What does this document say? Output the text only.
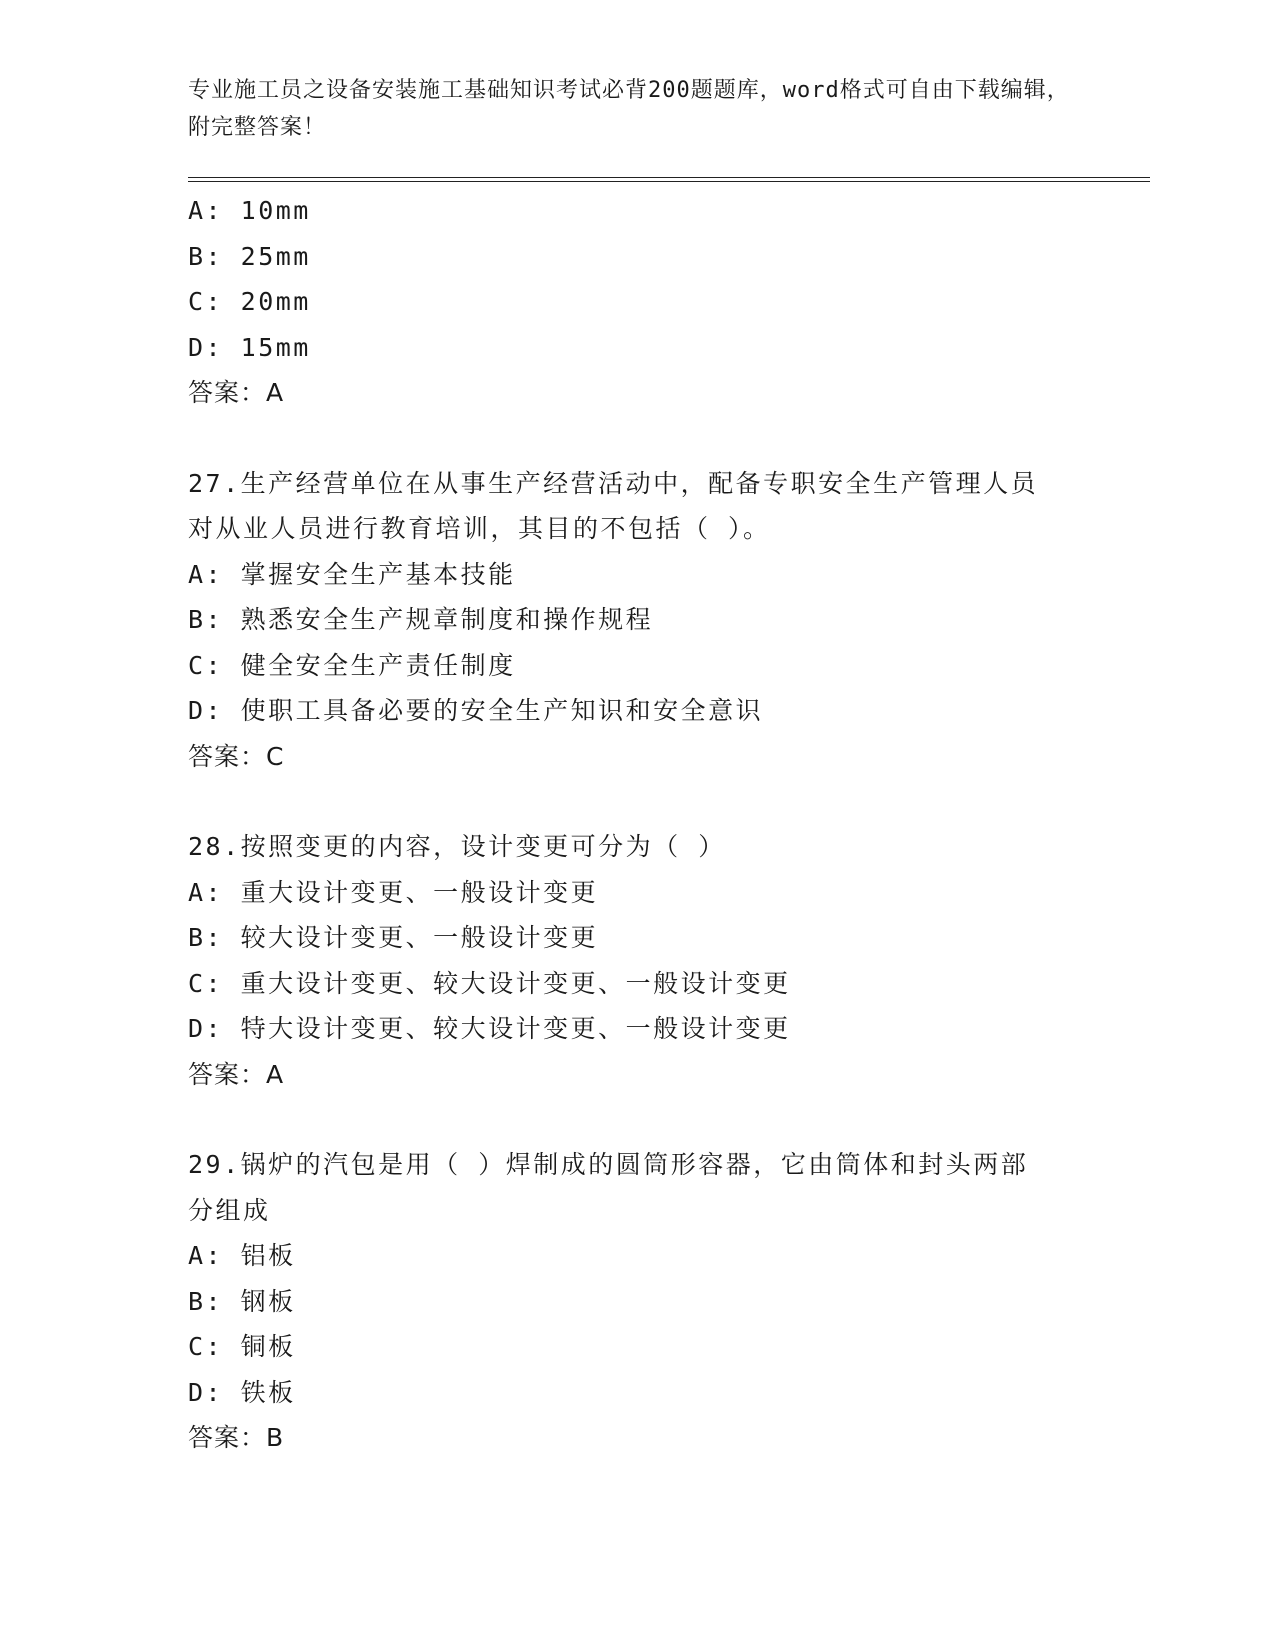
专业施工员之设备安装施工基础知识考试必背200题题库，word格式可自由下载编辑，附完整答案！
A: 10mm
B: 25mm
C: 20mm
D: 15mm
答案：A
27.生产经营单位在从事生产经营活动中，配备专职安全生产管理人员
对从业人员进行教育培训，其目的不包括（ ）。
A: 掌握安全生产基本技能
B: 熟悉安全生产规章制度和操作规程
C: 健全安全生产责任制度
D: 使职工具备必要的安全生产知识和安全意识
答案：C
28.按照变更的内容，设计变更可分为（ ）
A: 重大设计变更、一般设计变更
B: 较大设计变更、一般设计变更
C: 重大设计变更、较大设计变更、一般设计变更
D: 特大设计变更、较大设计变更、一般设计变更
答案：A
29.锅炉的汽包是用（ ）焊制成的圆筒形容器，它由筒体和封头两部
分组成
A: 铝板
B: 钢板
C: 铜板
D: 铁板
答案：B
